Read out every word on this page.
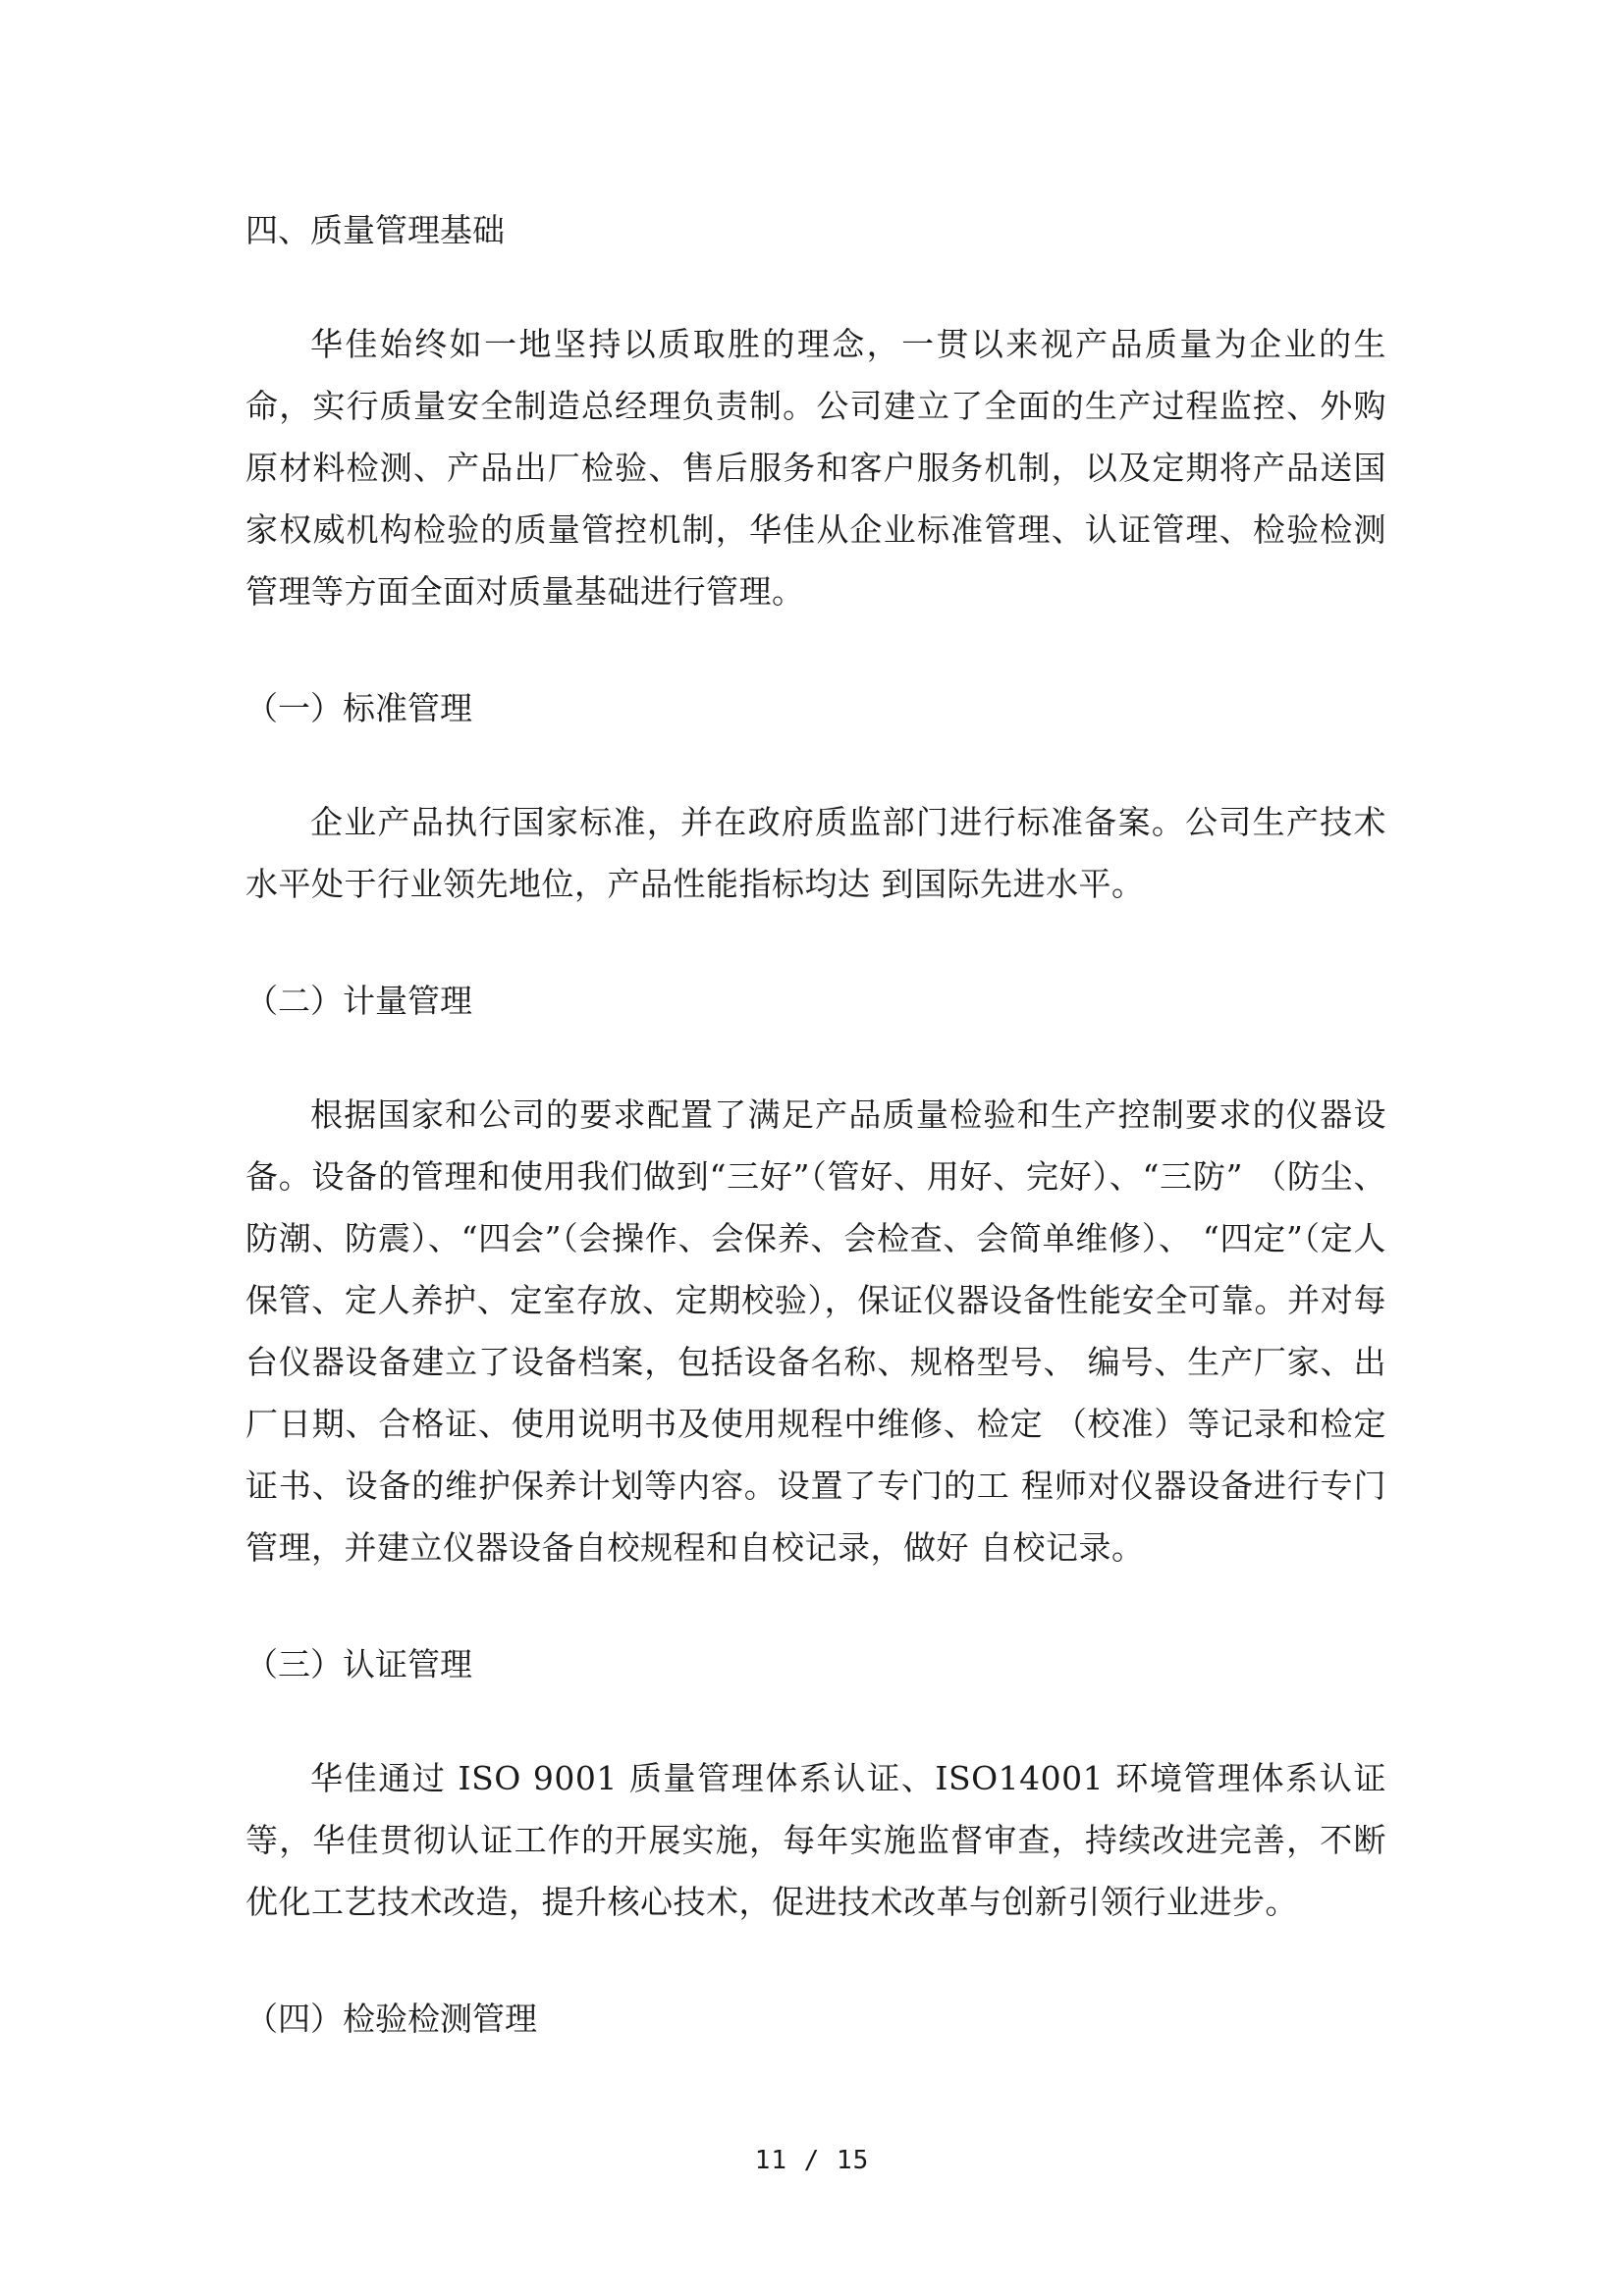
四、质量管理基础

华佳始终如一地坚持以质取胜的理念，一贯以来视产品质量为企业的生命，实行质量安全制造总经理负责制。公司建立了全面的生产过程监控、外购原材料检测、产品出厂检验、售后服务和客户服务机制，以及定期将产品送国家权威机构检验的质量管控机制，华佳从企业标准管理、认证管理、检验检测管理等方面全面对质量基础进行管理。

（一）标准管理

企业产品执行国家标准，并在政府质监部门进行标准备案。公司生产技术水平处于行业领先地位，产品性能指标均达 到国际先进水平。

（二）计量管理

根据国家和公司的要求配置了满足产品质量检验和生产控制要求的仪器设备。设备的管理和使用我们做到“三好”（管好、用好、完好）、“三防” （防尘、防潮、防震）、“四会”（会操作、会保养、会检查、会简单维修）、 “四定”（定人保管、定人养护、定室存放、定期校验），保证仪器设备性能安全可靠。并对每台仪器设备建立了设备档案，包括设备名称、规格型号、 编号、生产厂家、出厂日期、合格证、使用说明书及使用规程中维修、检定 （校准）等记录和检定证书、设备的维护保养计划等内容。设置了专门的工 程师对仪器设备进行专门管理，并建立仪器设备自校规程和自校记录，做好 自校记录。

（三）认证管理

华佳通过 ISO 9001 质量管理体系认证、ISO14001 环境管理体系认证等，华佳贯彻认证工作的开展实施，每年实施监督审查，持续改进完善，不断优化工艺技术改造，提升核心技术，促进技术改革与创新引领行业进步。

（四）检验检测管理
11 / 15
